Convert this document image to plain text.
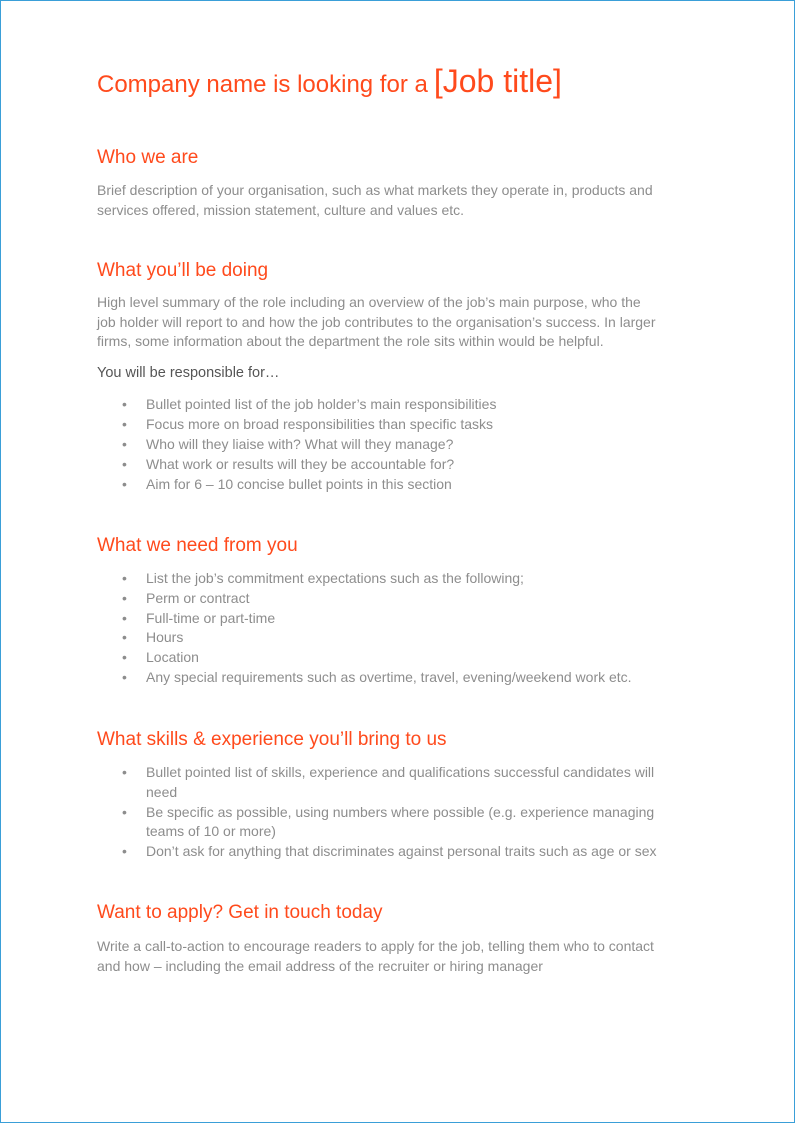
Company name is looking for a [Job title]
Who we are
Brief description of your organisation, such as what markets they operate in, products and
services offered, mission statement, culture and values etc.
What you’ll be doing
High level summary of the role including an overview of the job’s main purpose, who the
job holder will report to and how the job contributes to the organisation’s success. In larger
firms, some information about the department the role sits within would be helpful.
You will be responsible for…
• Bullet pointed list of the job holder’s main responsibilities
• Focus more on broad responsibilities than specific tasks
• Who will they liaise with? What will they manage?
• What work or results will they be accountable for?
• Aim for 6 – 10 concise bullet points in this section
What we need from you
• List the job’s commitment expectations such as the following;
• Perm or contract
• Full-time or part-time
• Hours
• Location
• Any special requirements such as overtime, travel, evening/weekend work etc.
What skills & experience you’ll bring to us
• Bullet pointed list of skills, experience and qualifications successful candidates will
need
• Be specific as possible, using numbers where possible (e.g. experience managing
teams of 10 or more)
• Don’t ask for anything that discriminates against personal traits such as age or sex
Want to apply? Get in touch today
Write a call-to-action to encourage readers to apply for the job, telling them who to contact
and how – including the email address of the recruiter or hiring manager
